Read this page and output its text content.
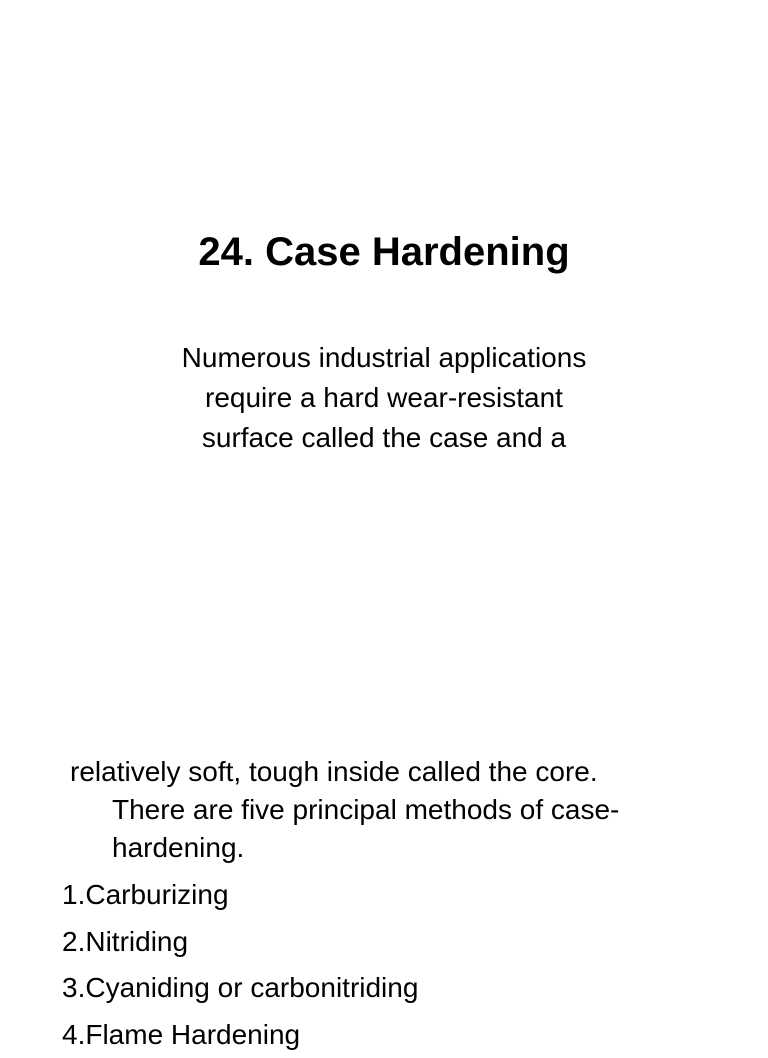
24. Case Hardening
Numerous industrial applications
require a hard wear-resistant
surface called the case and a
relatively soft, tough inside called the core.
There are five principal methods of case-
hardening.
1.Carburizing
2.Nitriding
3.Cyaniding or carbonitriding
4.Flame Hardening
